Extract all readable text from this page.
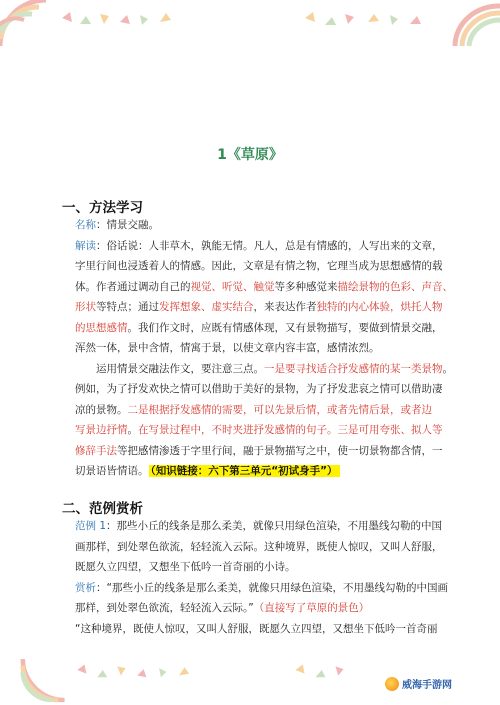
1《草原》
一、方法学习
名称：情景交融。
解读：俗话说：人非草木，孰能无情。凡人，总是有情感的，人写出来的文章，
字里行间也浸透着人的情感。因此，文章是有情之物，它理当成为思想感情的载
体。作者通过调动自己的视觉、听觉、触觉等多种感觉来描绘景物的色彩、声音、
形状等特点；通过发挥想象、虚实结合，来表达作者独特的内心体验，烘托人物
的思想感情。我们作文时，应既有情感体现，又有景物描写，要做到情景交融，
浑然一体，景中含情，情寓于景，以使文章内容丰富，感情浓烈。
运用情景交融法作文，要注意三点。一是要寻找适合抒发感情的某一类景物。
例如，为了抒发欢快之情可以借助于美好的景物，为了抒发悲哀之情可以借助凄
凉的景物。二是根据抒发感情的需要，可以先景后情，或者先情后景，或者边
写景边抒情。在写景过程中，不时夹进抒发感情的句子。三是可用夸张、拟人等
修辞手法等把感情渗透于字里行间，融于景物描写之中，使一切景物都含情，一
切景语皆情语。 （知识链接：六下第三单元“初试身手”）
二、范例赏析
范例 1：那些小丘的线条是那么柔美，就像只用绿色渲染，不用墨线勾勒的中国
画那样，到处翠色欲流，轻轻流入云际。这种境界，既使人惊叹，又叫人舒服，
既愿久立四望，又想坐下低吟一首奇丽的小诗。
赏析：“那些小丘的线条是那么柔美，就像只用绿色渲染，不用墨线勾勒的中国画
那样，到处翠色欲流，轻轻流入云际。”（直接写了草原的景色）
“这种境界，既使人惊叹，又叫人舒服，既愿久立四望，又想坐下低吟一首奇丽
威海手游网
